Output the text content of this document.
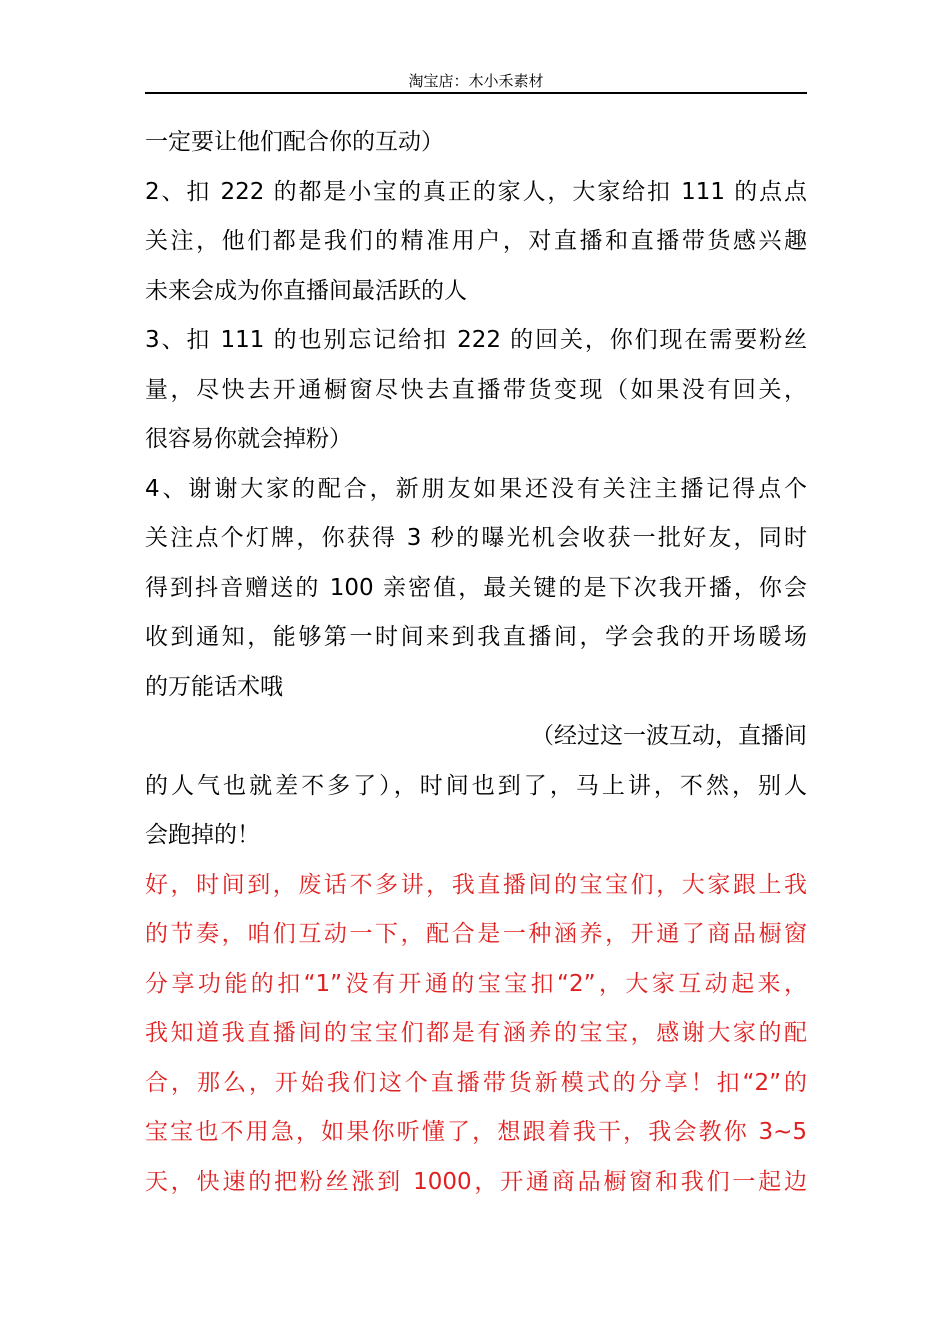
淘宝店：木小禾素材
一定要让他们配合你的互动）
2、扣 222 的都是小宝的真正的家人，大家给扣 111 的点点
关注，他们都是我们的精准用户，对直播和直播带货感兴趣
未来会成为你直播间最活跃的人
3、扣 111 的也别忘记给扣 222 的回关，你们现在需要粉丝
量，尽快去开通橱窗尽快去直播带货变现（如果没有回关，
很容易你就会掉粉）
4、谢谢大家的配合，新朋友如果还没有关注主播记得点个
关注点个灯牌，你获得 3 秒的曝光机会收获一批好友，同时
得到抖音赠送的 100 亲密值，最关键的是下次我开播，你会
收到通知，能够第一时间来到我直播间，学会我的开场暖场
的万能话术哦
（经过这一波互动，直播间
的人气也就差不多了），时间也到了，马上讲，不然，别人
会跑掉的！
好，时间到，废话不多讲，我直播间的宝宝们，大家跟上我
的节奏，咱们互动一下，配合是一种涵养，开通了商品橱窗
分享功能的扣“1”没有开通的宝宝扣“2”，大家互动起来，
我知道我直播间的宝宝们都是有涵养的宝宝，感谢大家的配
合，那么，开始我们这个直播带货新模式的分享！扣“2”的
宝宝也不用急，如果你听懂了，想跟着我干，我会教你 3~5
天，快速的把粉丝涨到 1000，开通商品橱窗和我们一起边
